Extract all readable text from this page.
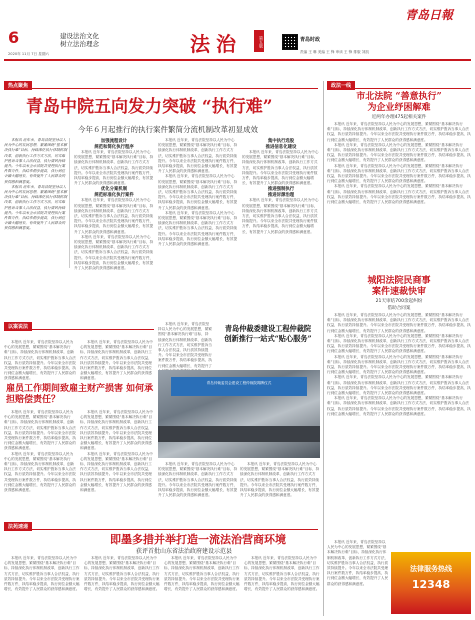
6	建设法治文化
树立法治理念	法治	第五版	青岛时政
青岛日報
2020年 11月 7日 星期六	责编 王 琳 美编 王 锋 审读 王 锋 排版 刘凯
热点聚焦
青岛中院五向发力突破 “执行难”
今年６月起推行的执行案件繁简分流机制改革初显成效

本报讯 近年来，青岛法院坚持以人民为中心的发展思想，紧紧围绕“基本解决执行难”目标，持续深化执行体制机制改革，创新执行工作方式方法，切实维护胜诉当事人合法权益，执行质效持续提升。今年以来全市法院共受理执行案件数万件，执结率稳步提高，执行到位金额大幅增长，有效提升了人民群众的获得感和满意度。

本报讯 近年来，青岛法院坚持以人民为中心的发展思想，紧紧围绕“基本解决执行难”目标，持续深化执行体制机制改革，创新执行工作方式方法，切实维护胜诉当事人合法权益，执行质效持续提升。今年以来全市法院共受理执行案件数万件，执结率稳步提高，执行到位金额大幅增长，有效提升了人民群众的获得感和满意度。

加强流程设计
规范和简化执行程序

本报讯 近年来，青岛法院坚持以人民为中心的发展思想，紧紧围绕“基本解决执行难”目标，持续深化执行体制机制改革，创新执行工作方式方法，切实维护胜诉当事人合法权益，执行质效持续提升。今年以来全市法院共受理执行案件数万件，执结率稳步提高，执行到位金额大幅增长，有效提升了人民群众的获得感和满意度。

优化分案机制
规范标准化执行案件

本报讯 近年来，青岛法院坚持以人民为中心的发展思想，紧紧围绕“基本解决执行难”目标，持续深化执行体制机制改革，创新执行工作方式方法，切实维护胜诉当事人合法权益，执行质效持续提升。今年以来全市法院共受理执行案件数万件，执结率稳步提高，执行到位金额大幅增长，有效提升了人民群众的获得感和满意度。

本报讯 近年来，青岛法院坚持以人民为中心的发展思想，紧紧围绕“基本解决执行难”目标，持续深化执行体制机制改革，创新执行工作方式方法，切实维护胜诉当事人合法权益，执行质效持续提升。今年以来全市法院共受理执行案件数万件，执结率稳步提高，执行到位金额大幅增长，有效提升了人民群众的获得感和满意度。

本报讯 近年来，青岛法院坚持以人民为中心的发展思想，紧紧围绕“基本解决执行难”目标，持续深化执行体制机制改革，创新执行工作方式方法，切实维护胜诉当事人合法权益，执行质效持续提升。今年以来全市法院共受理执行案件数万件，执结率稳步提高，执行到位金额大幅增长，有效提升了人民群众的获得感和满意度。

本报讯 近年来，青岛法院坚持以人民为中心的发展思想，紧紧围绕“基本解决执行难”目标，持续深化执行体制机制改革，创新执行工作方式方法，切实维护胜诉当事人合法权益，执行质效持续提升。今年以来全市法院共受理执行案件数万件，执结率稳步提高，执行到位金额大幅增长，有效提升了人民群众的获得感和满意度。

本报讯 近年来，青岛法院坚持以人民为中心的发展思想，紧紧围绕“基本解决执行难”目标，持续深化执行体制机制改革，创新执行工作方式方法，切实维护胜诉当事人合法权益，执行质效持续提升。今年以来全市法院共受理执行案件数万件，执结率稳步提高，执行到位金额大幅增长，有效提升了人民群众的获得感和满意度。

集中执行选股
推进信息化建设

本报讯 近年来，青岛法院坚持以人民为中心的发展思想，紧紧围绕“基本解决执行难”目标，持续深化执行体制机制改革，创新执行工作方式方法，切实维护胜诉当事人合法权益，执行质效持续提升。今年以来全市法院共受理执行案件数万件，执结率稳步提高，执行到位金额大幅增长，有效提升了人民群众的获得感和满意度。

推进强制执行
推进诉源治理

本报讯 近年来，青岛法院坚持以人民为中心的发展思想，紧紧围绕“基本解决执行难”目标，持续深化执行体制机制改革，创新执行工作方式方法，切实维护胜诉当事人合法权益，执行质效持续提升。今年以来全市法院共受理执行案件数万件，执结率稳步提高，执行到位金额大幅增长，有效提升了人民群众的获得感和满意度。

以案说法
雇员工作期间致雇主财产损害 如何承担赔偿责任？

本报讯 近年来，青岛法院坚持以人民为中心的发展思想，紧紧围绕“基本解决执行难”目标，持续深化执行体制机制改革，创新执行工作方式方法，切实维护胜诉当事人合法权益，执行质效持续提升。今年以来全市法院共受理执行案件数万件，执结率稳步提高，执行到位金额大幅增长，有效提升了人民群众的获得感和满意度。

本报讯 近年来，青岛法院坚持以人民为中心的发展思想，紧紧围绕“基本解决执行难”目标，持续深化执行体制机制改革，创新执行工作方式方法，切实维护胜诉当事人合法权益，执行质效持续提升。今年以来全市法院共受理执行案件数万件，执结率稳步提高，执行到位金额大幅增长，有效提升了人民群众的获得感和满意度。

本报讯 近年来，青岛法院坚持以人民为中心的发展思想，紧紧围绕“基本解决执行难”目标，持续深化执行体制机制改革，创新执行工作方式方法，切实维护胜诉当事人合法权益，执行质效持续提升。今年以来全市法院共受理执行案件数万件，执结率稳步提高，执行到位金额大幅增长，有效提升了人民群众的获得感和满意度。

本报讯 近年来，青岛法院坚持以人民为中心的发展思想，紧紧围绕“基本解决执行难”目标，持续深化执行体制机制改革，创新执行工作方式方法，切实维护胜诉当事人合法权益，执行质效持续提升。今年以来全市法院共受理执行案件数万件，执结率稳步提高，执行到位金额大幅增长，有效提升了人民群众的获得感和满意度。

本报讯 近年来，青岛法院坚持以人民为中心的发展思想，紧紧围绕“基本解决执行难”目标，持续深化执行体制机制改革，创新执行工作方式方法，切实维护胜诉当事人合法权益，执行质效持续提升。今年以来全市法院共受理执行案件数万件，执结率稳步提高，执行到位金额大幅增长，有效提升了人民群众的获得感和满意度。

本报讯 近年来，青岛法院坚持以人民为中心的发展思想，紧紧围绕“基本解决执行难”目标，持续深化执行体制机制改革，创新执行工作方式方法，切实维护胜诉当事人合法权益，执行质效持续提升。今年以来全市法院共受理执行案件数万件，执结率稳步提高，执行到位金额大幅增长，有效提升了人民群众的获得感和满意度。

本报讯 近年来，青岛法院坚持以人民为中心的发展思想，紧紧围绕“基本解决执行难”目标，持续深化执行体制机制改革，创新执行工作方式方法，切实维护胜诉当事人合法权益，执行质效持续提升。今年以来全市法院共受理执行案件数万件，执结率稳步提高，执行到位金额大幅增长，有效提升了

青岛仲裁委建设工程仲裁院
创新推行一站式“贴心服务”
青岛仲裁委员会建设工程仲裁院揭牌仪式

本报讯 近年来，青岛法院坚持以人民为中心的发展思想，紧紧围绕“基本解决执行难”目标，持续深化执行体制机制改革，创新执行工作方式方法，切实维护胜诉当事人合法权益，执行质效持续提升。今年以来全市法院共受理执行案件数万件，执结率稳步提高，执行到位金额大幅增长，有效提升了人民群众的获得感和满意度。

本报讯 近年来，青岛法院坚持以人民为中心的发展思想，紧紧围绕“基本解决执行难”目标，持续深化执行体制机制改革，创新执行工作方式方法，切实维护胜诉当事人合法权益，执行质效持续提升。今年以来全市法院共受理执行案件数万件，执结率稳步提高，执行到位金额大幅增长，有效提升了人民群众的获得感和满意度。

法苑速递
即墨多措并举打造一流法治营商环境
获评首批山东省法治政府建设示范县

本报讯 近年来，青岛法院坚持以人民为中心的发展思想，紧紧围绕“基本解决执行难”目标，持续深化执行体制机制改革，创新执行工作方式方法，切实维护胜诉当事人合法权益，执行质效持续提升。今年以来全市法院共受理执行案件数万件，执结率稳步提高，执行到位金额大幅增长，有效提升了人民群众的获得感和满意度。

本报讯 近年来，青岛法院坚持以人民为中心的发展思想，紧紧围绕“基本解决执行难”目标，持续深化执行体制机制改革，创新执行工作方式方法，切实维护胜诉当事人合法权益，执行质效持续提升。今年以来全市法院共受理执行案件数万件，执结率稳步提高，执行到位金额大幅增长，有效提升了人民群众的获得感和满意度。

本报讯 近年来，青岛法院坚持以人民为中心的发展思想，紧紧围绕“基本解决执行难”目标，持续深化执行体制机制改革，创新执行工作方式方法，切实维护胜诉当事人合法权益，执行质效持续提升。今年以来全市法院共受理执行案件数万件，执结率稳步提高，执行到位金额大幅增长，有效提升了人民群众的获得感和满意度。

本报讯 近年来，青岛法院坚持以人民为中心的发展思想，紧紧围绕“基本解决执行难”目标，持续深化执行体制机制改革，创新执行工作方式方法，切实维护胜诉当事人合法权益，执行质效持续提升。今年以来全市法院共受理执行案件数万件，执结率稳步提高，执行到位金额大幅增长，有效提升了人民群众的获得感和满意度。

政法一线
市北法院 “善意执行”
为企业纾困解难
近两年办理475起相关案件

本报讯 近年来，青岛法院坚持以人民为中心的发展思想，紧紧围绕“基本解决执行难”目标，持续深化执行体制机制改革，创新执行工作方式方法，切实维护胜诉当事人合法权益，执行质效持续提升。今年以来全市法院共受理执行案件数万件，执结率稳步提高，执行到位金额大幅增长，有效提升了人民群众的获得感和满意度。

本报讯 近年来，青岛法院坚持以人民为中心的发展思想，紧紧围绕“基本解决执行难”目标，持续深化执行体制机制改革，创新执行工作方式方法，切实维护胜诉当事人合法权益，执行质效持续提升。今年以来全市法院共受理执行案件数万件，执结率稳步提高，执行到位金额大幅增长，有效提升了人民群众的获得感和满意度。

本报讯 近年来，青岛法院坚持以人民为中心的发展思想，紧紧围绕“基本解决执行难”目标，持续深化执行体制机制改革，创新执行工作方式方法，切实维护胜诉当事人合法权益，执行质效持续提升。今年以来全市法院共受理执行案件数万件，执结率稳步提高，执行到位金额大幅增长，有效提升了人民群众的获得感和满意度。

本报讯 近年来，青岛法院坚持以人民为中心的发展思想，紧紧围绕“基本解决执行难”目标，持续深化执行体制机制改革，创新执行工作方式方法，切实维护胜诉当事人合法权益，执行质效持续提升。今年以来全市法院共受理执行案件数万件，执结率稳步提高，执行到位金额大幅增长，有效提升了人民群众的获得感和满意度。

城阳法院民商事
案件速裁快审
21天审结700余起纠纷
借助合同案

本报讯 近年来，青岛法院坚持以人民为中心的发展思想，紧紧围绕“基本解决执行难”目标，持续深化执行体制机制改革，创新执行工作方式方法，切实维护胜诉当事人合法权益，执行质效持续提升。今年以来全市法院共受理执行案件数万件，执结率稳步提高，执行到位金额大幅增长，有效提升了人民群众的获得感和满意度。

本报讯 近年来，青岛法院坚持以人民为中心的发展思想，紧紧围绕“基本解决执行难”目标，持续深化执行体制机制改革，创新执行工作方式方法，切实维护胜诉当事人合法权益，执行质效持续提升。今年以来全市法院共受理执行案件数万件，执结率稳步提高，执行到位金额大幅增长，有效提升了人民群众的获得感和满意度。

本报讯 近年来，青岛法院坚持以人民为中心的发展思想，紧紧围绕“基本解决执行难”目标，持续深化执行体制机制改革，创新执行工作方式方法，切实维护胜诉当事人合法权益，执行质效持续提升。今年以来全市法院共受理执行案件数万件，执结率稳步提高，执行到位金额大幅增长，有效提升了人民群众的获得感和满意度。

本报讯 近年来，青岛法院坚持以人民为中心的发展思想，紧紧围绕“基本解决执行难”目标，持续深化执行体制机制改革，创新执行工作方式方法，切实维护胜诉当事人合法权益，执行质效持续提升。今年以来全市法院共受理执行案件数万件，执结率稳步提高，执行到位金额大幅增长，有效提升了人民群众的获得感和满意度。

本报讯 近年来，青岛法院坚持以人民为中心的发展思想，紧紧围绕“基本解决执行难”目标，持续深化执行体制机制改革，创新执行工作方式方法，切实维护胜诉当事人合法权益，执行质效持续提升。今年以来全市法院共受理执行案件数万件，执结率稳步提高，执行到位金额大幅增长，有效提升了人民群众的获得感和满意度。

法律服务热线
12348

本报讯 近年来，青岛法院坚持以人民为中心的发展思想，紧紧围绕“基本解决执行难”目标，持续深化执行体制机制改革，创新执行工作方式方法，切实维护胜诉当事人合法权益，执行质效持续提升。今年以来全市法院共受理执行案件数万件，执结率稳步提高，执行到位金额大幅增长，有效提升了人民群众的获得感和满意度。
